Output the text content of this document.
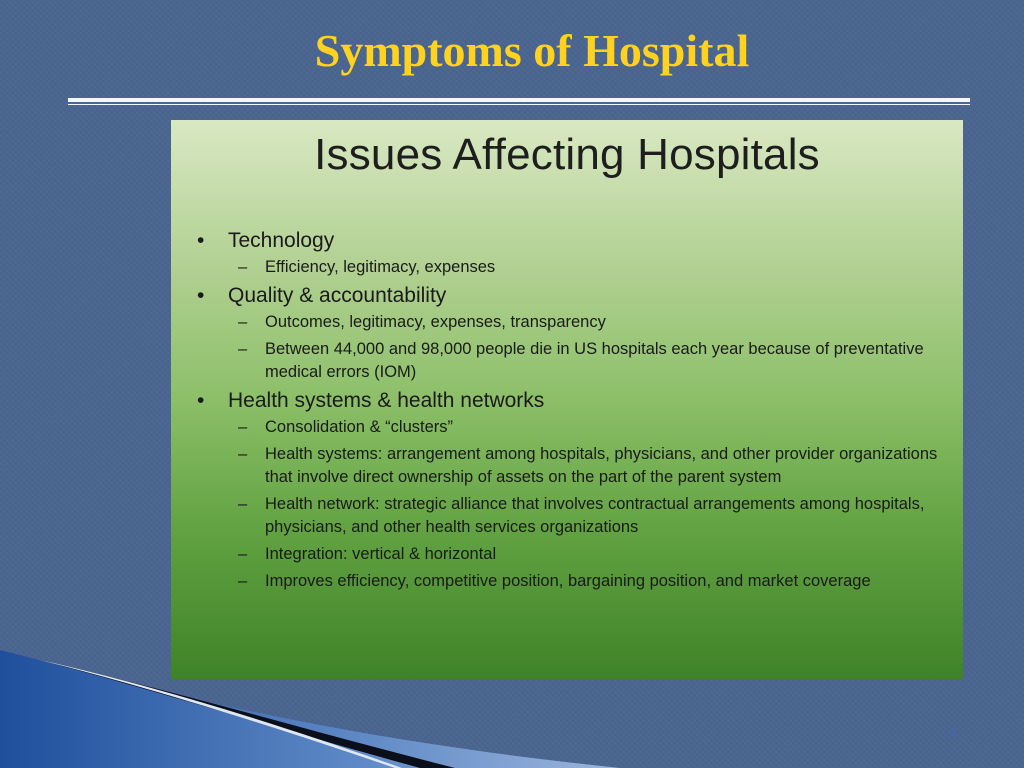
Symptoms of Hospital
Issues Affecting Hospitals
• Technology
– Efficiency, legitimacy, expenses
• Quality & accountability
– Outcomes, legitimacy, expenses, transparency
– Between 44,000 and 98,000 people die in US hospitals each year because of preventative medical errors (IOM)
• Health systems & health networks
– Consolidation & “clusters”
– Health systems: arrangement among hospitals, physicians, and other provider organizations that involve direct ownership of assets on the part of the parent system
– Health network: strategic alliance that involves contractual arrangements among hospitals, physicians, and other health services organizations
– Integration: vertical & horizontal
– Improves efficiency, competitive position, bargaining position, and market coverage
9
